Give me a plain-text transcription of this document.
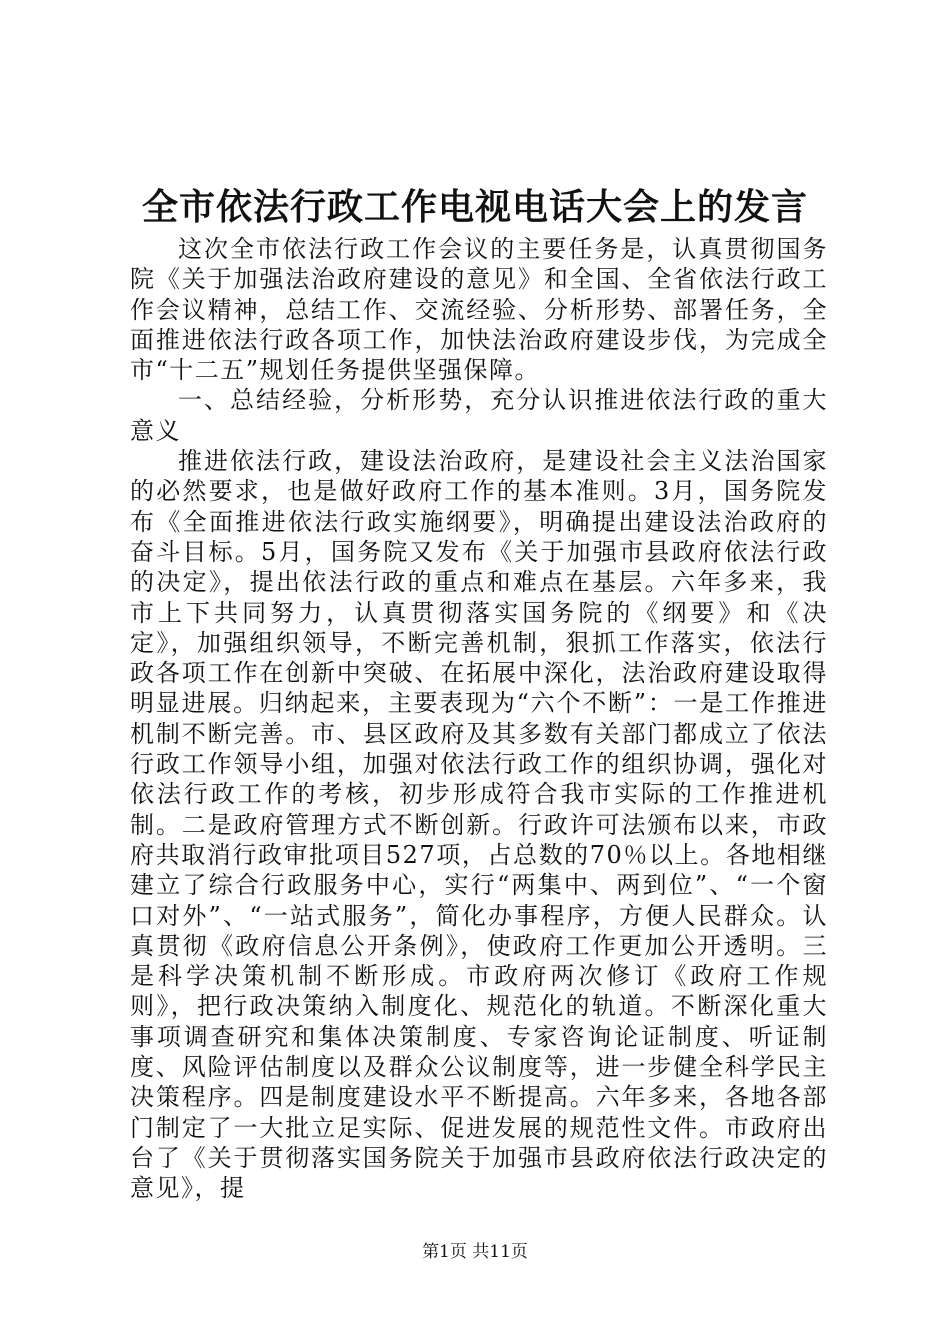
全市依法行政工作电视电话大会上的发言

这次全市依法行政工作会议的主要任务是，认真贯彻国务院《关于加强法治政府建设的意见》和全国、全省依法行政工作会议精神，总结工作、交流经验、分析形势、部署任务，全面推进依法行政各项工作，加快法治政府建设步伐，为完成全市“十二五”规划任务提供坚强保障。

一、总结经验，分析形势，充分认识推进依法行政的重大意义

推进依法行政，建设法治政府，是建设社会主义法治国家的必然要求，也是做好政府工作的基本准则。3月，国务院发布《全面推进依法行政实施纲要》，明确提出建设法治政府的奋斗目标。5月，国务院又发布《关于加强市县政府依法行政的决定》，提出依法行政的重点和难点在基层。六年多来，我市上下共同努力，认真贯彻落实国务院的《纲要》和《决定》，加强组织领导，不断完善机制，狠抓工作落实，依法行政各项工作在创新中突破、在拓展中深化，法治政府建设取得明显进展。归纳起来，主要表现为“六个不断”：一是工作推进机制不断完善。市、县区政府及其多数有关部门都成立了依法行政工作领导小组，加强对依法行政工作的组织协调，强化对依法行政工作的考核，初步形成符合我市实际的工作推进机制。二是政府管理方式不断创新。行政许可法颁布以来，市政府共取消行政审批项目527项，占总数的70％以上。各地相继建立了综合行政服务中心，实行“两集中、两到位”、“一个窗口对外”、“一站式服务”，简化办事程序，方便人民群众。认真贯彻《政府信息公开条例》，使政府工作更加公开透明。三是科学决策机制不断形成。市政府两次修订《政府工作规则》，把行政决策纳入制度化、规范化的轨道。不断深化重大事项调查研究和集体决策制度、专家咨询论证制度、听证制度、风险评估制度以及群众公议制度等，进一步健全科学民主决策程序。四是制度建设水平不断提高。六年多来，各地各部门制定了一大批立足实际、促进发展的规范性文件。市政府出台了《关于贯彻落实国务院关于加强市县政府依法行政决定的意见》，提

第1页 共11页
